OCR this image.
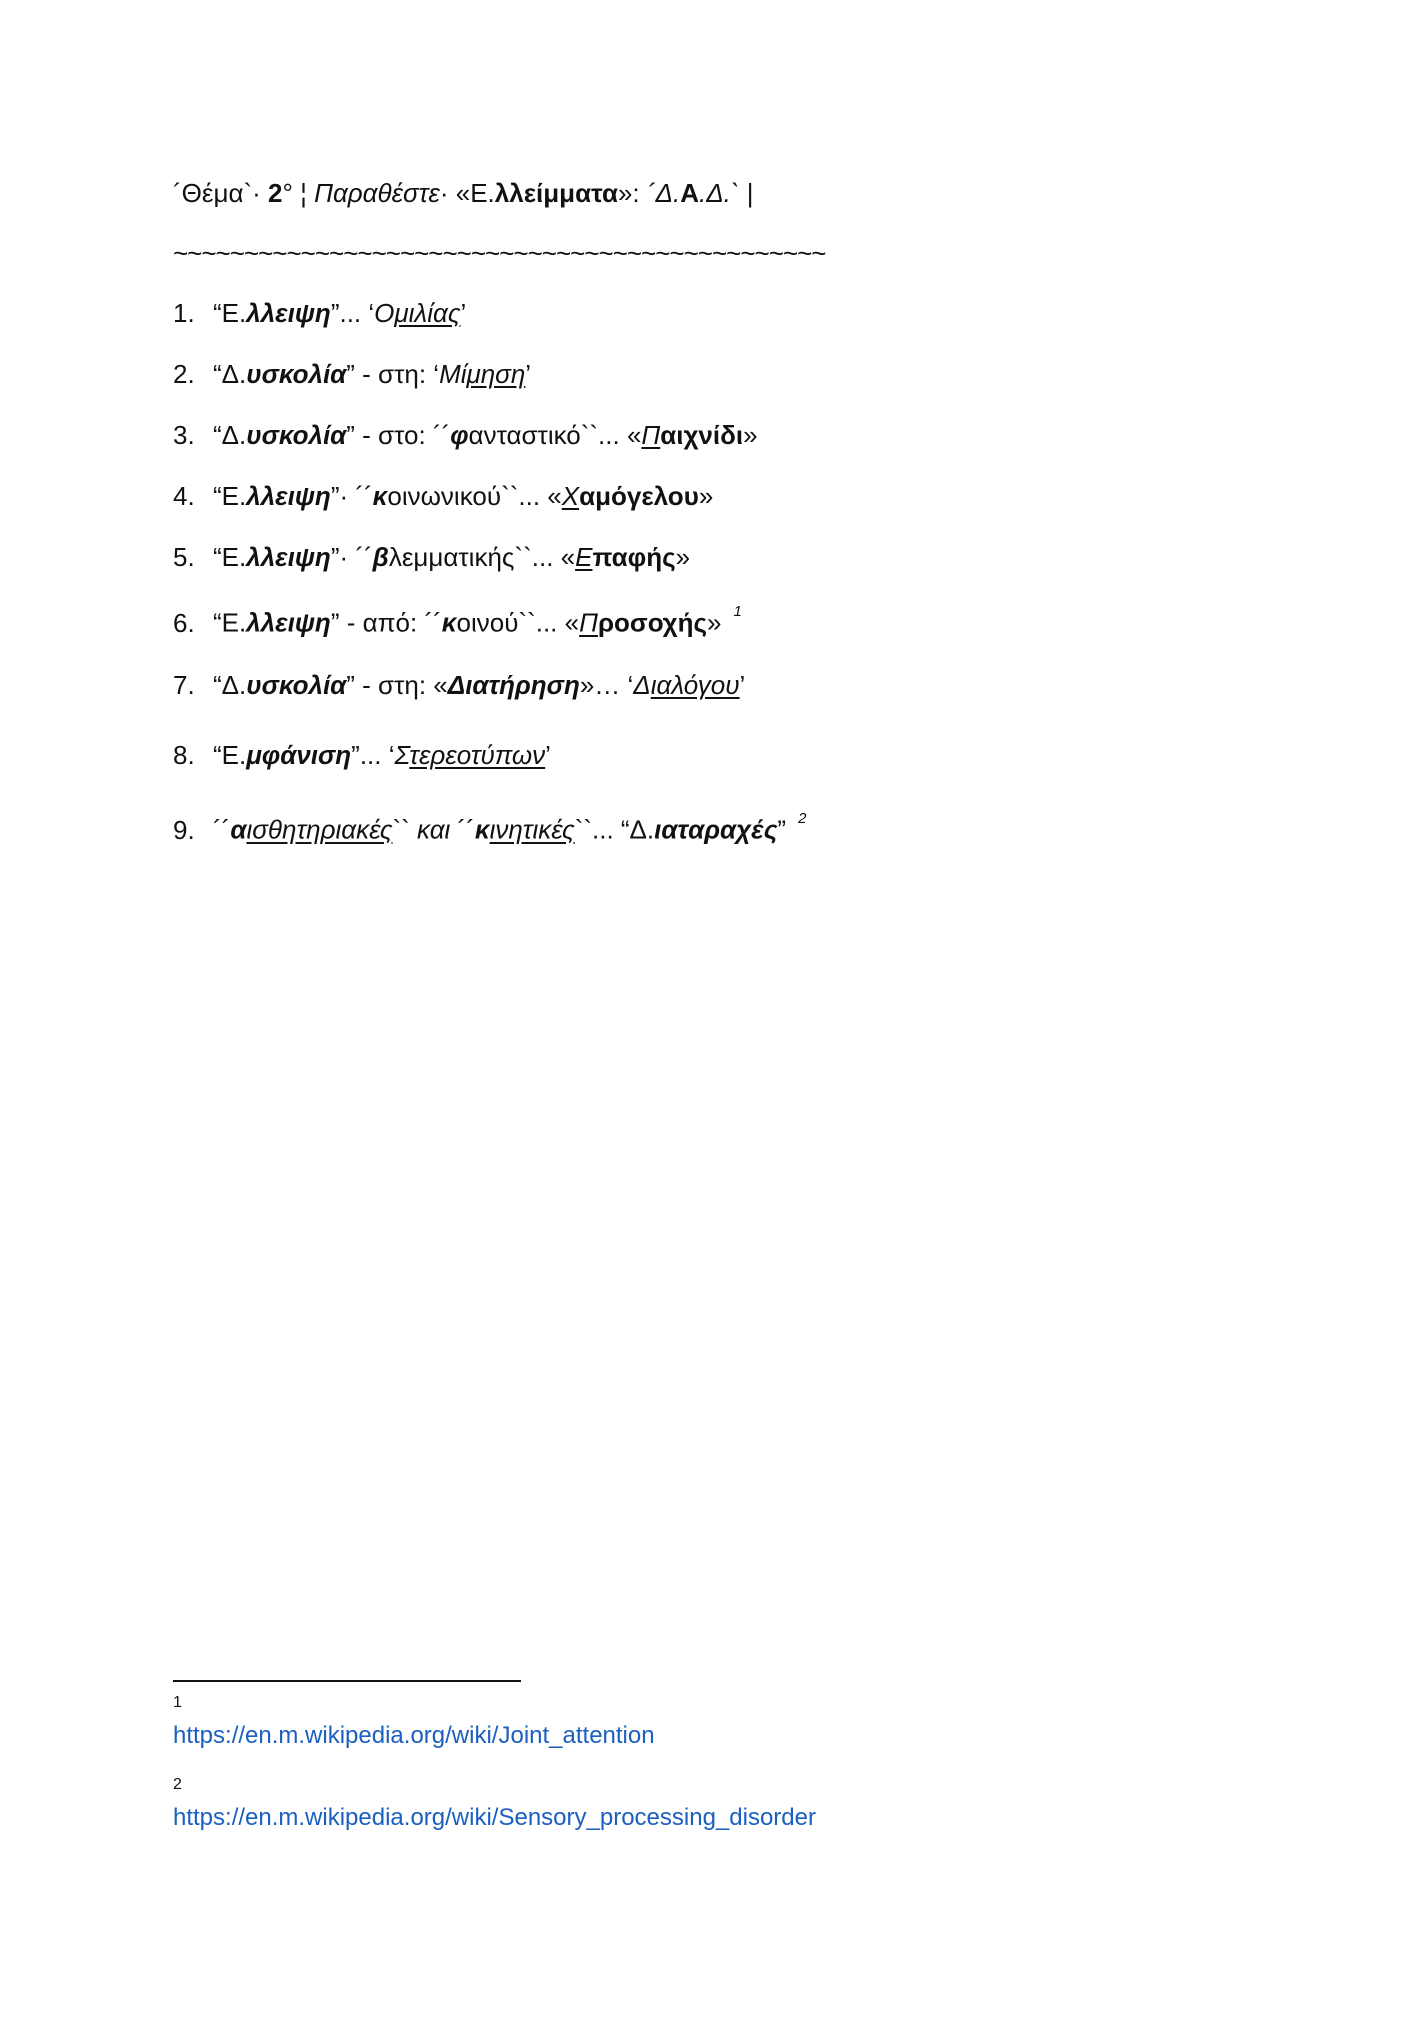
´Θέμα`· 2° ¦ Παραθέστε· «Ε.λλείμματα»: ´Δ.Α.Δ.` |
~~~~~~~~~~~~~~~~~~~~~~~~~~~~~~~~~~~~~~~~~~~~~~
1. “Ε.λλειψη”... ‘Ομιλίας’
2. “Δ.υσκολία” - στη: ‘Μίμηση’
3. “Δ.υσκολία” - στο: ´´φανταστικό``... «Παιχνίδι»
4. “Ε.λλειψη”· ´´κοινωνικού``... «Χαμόγελου»
5. “Ε.λλειψη”· ´´βλεμματικής``... «Επαφής»
6. “Ε.λλειψη” - από: ´´κοινού``... «Προσοχής» $^1$
7. “Δ.υσκολία” - στη: «Διατήρηση»… ‘Διαλόγου’
8. “Ε.μφάνιση”... ‘Στερεοτύπων’
9. ´´αισθητηριακές`` και ´´κινητικές``... “Δ.ιαταραχές” $^2$
1
https://en.m.wikipedia.org/wiki/Joint_attention
2
https://en.m.wikipedia.org/wiki/Sensory_processing_disorder
